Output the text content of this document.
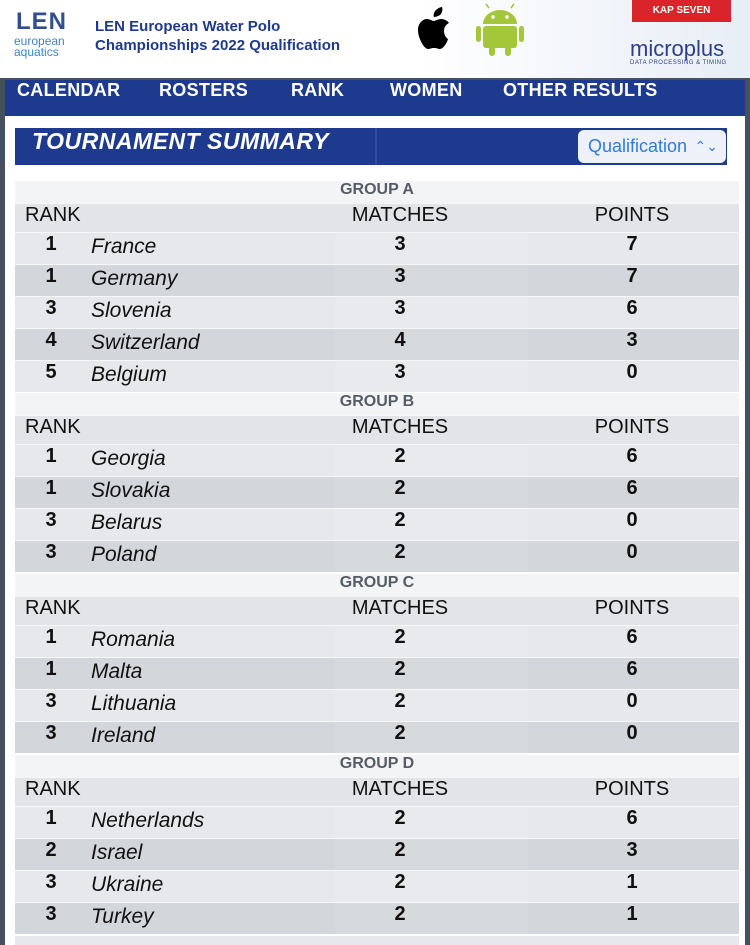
LEN
european aquatics
LEN European Water Polo
Championships 2022 Qualification
KAP SEVEN
microplus
DATA PROCESSING & TIMING
CALENDAR ROSTERS RANK	WOMEN OTHER RESULTS
TOURNAMENT SUMMARY	Qualification ⌃⌄
GROUP A
RANK	MATCHES	POINTS
1 France	3	7
1 Germany	3	7
3 Slovenia	3	6
4 Switzerland	4	3
5 Belgium	3	0
GROUP B
RANK	MATCHES	POINTS
1 Georgia	2	6
1 Slovakia	2	6
3 Belarus	2	0
3 Poland	2	0
GROUP C
RANK	MATCHES	POINTS
1 Romania	2	6
1 Malta	2	6
3 Lithuania	2	0
3 Ireland	2	0
GROUP D
RANK	MATCHES	POINTS
1 Netherlands	2	6
2 Israel	2	3
3 Ukraine	2	1
3 Turkey	2	1
